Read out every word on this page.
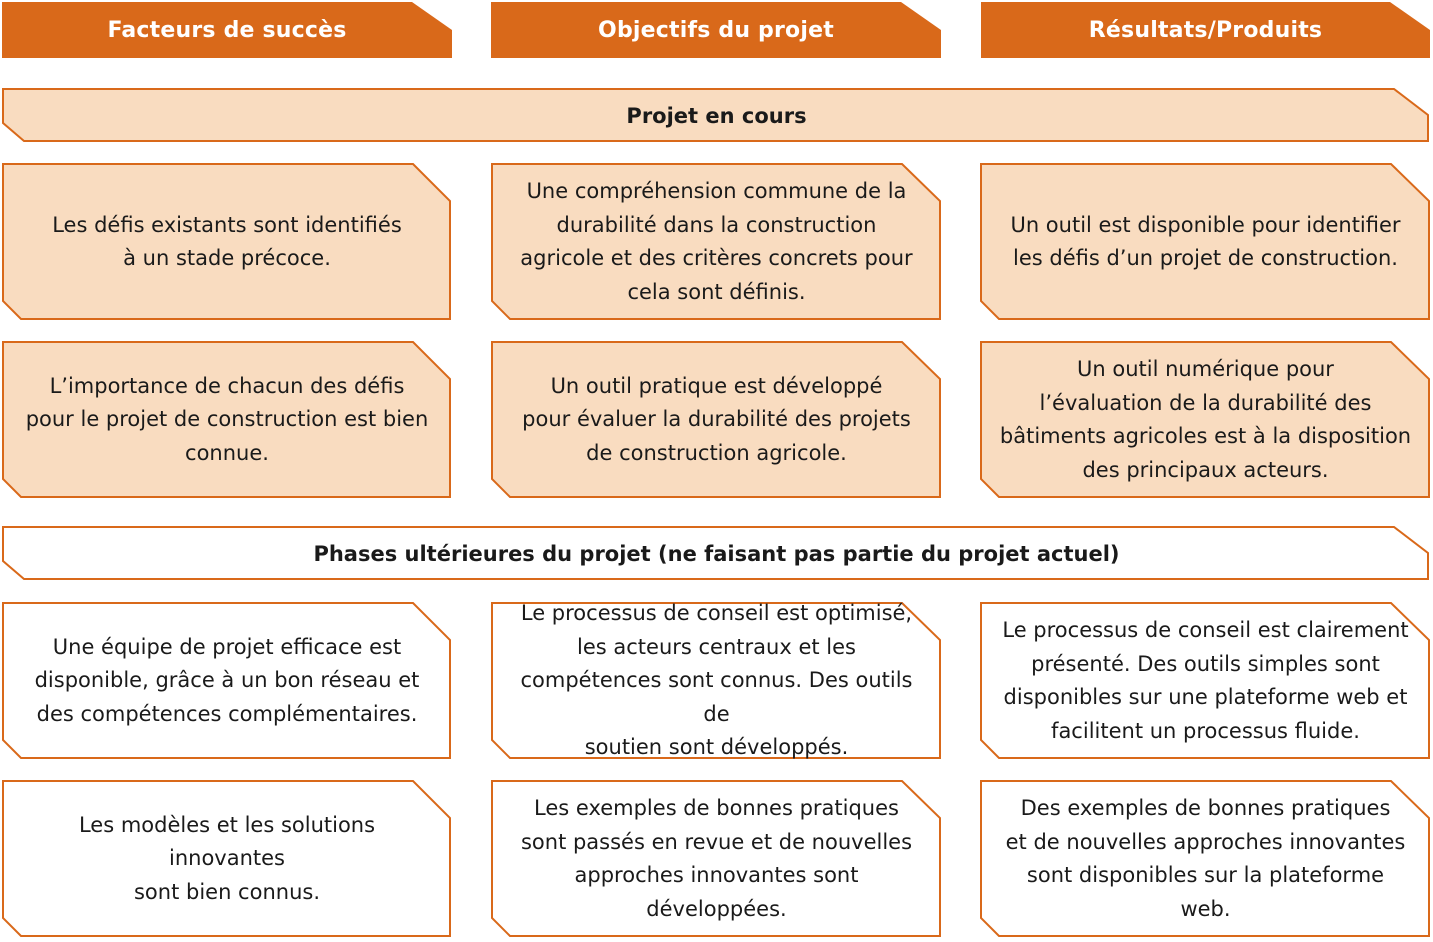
Facteurs de succès	Objectifs du projet	Résultats/Produits
Projet en cours
Les défis existants sont identifiés
à un stade précoce.
Une compréhension commune de la
durabilité dans la construction
agricole et des critères concrets pour
cela sont définis.
Un outil est disponible pour identifier
les défis d’un projet de construction.
L’importance de chacun des défis
pour le projet de construction est bien
connue.
Un outil pratique est développé
pour évaluer la durabilité des projets
de construction agricole.
Un outil numérique pour
l’évaluation de la durabilité des
bâtiments agricoles est à la disposition
des principaux acteurs.
Phases ultérieures du projet (ne faisant pas partie du projet actuel)
Une équipe de projet efficace est
disponible, grâce à un bon réseau et
des compétences complémentaires.
Le processus de conseil est optimisé,
les acteurs centraux et les
compétences sont connus. Des outils de
soutien sont développés.
Le processus de conseil est clairement
présenté. Des outils simples sont
disponibles sur une plateforme web et
facilitent un processus fluide.
Les modèles et les solutions innovantes
sont bien connus.
Les exemples de bonnes pratiques
sont passés en revue et de nouvelles
approches innovantes sont
développées.
Des exemples de bonnes pratiques
et de nouvelles approches innovantes
sont disponibles sur la plateforme
web.
